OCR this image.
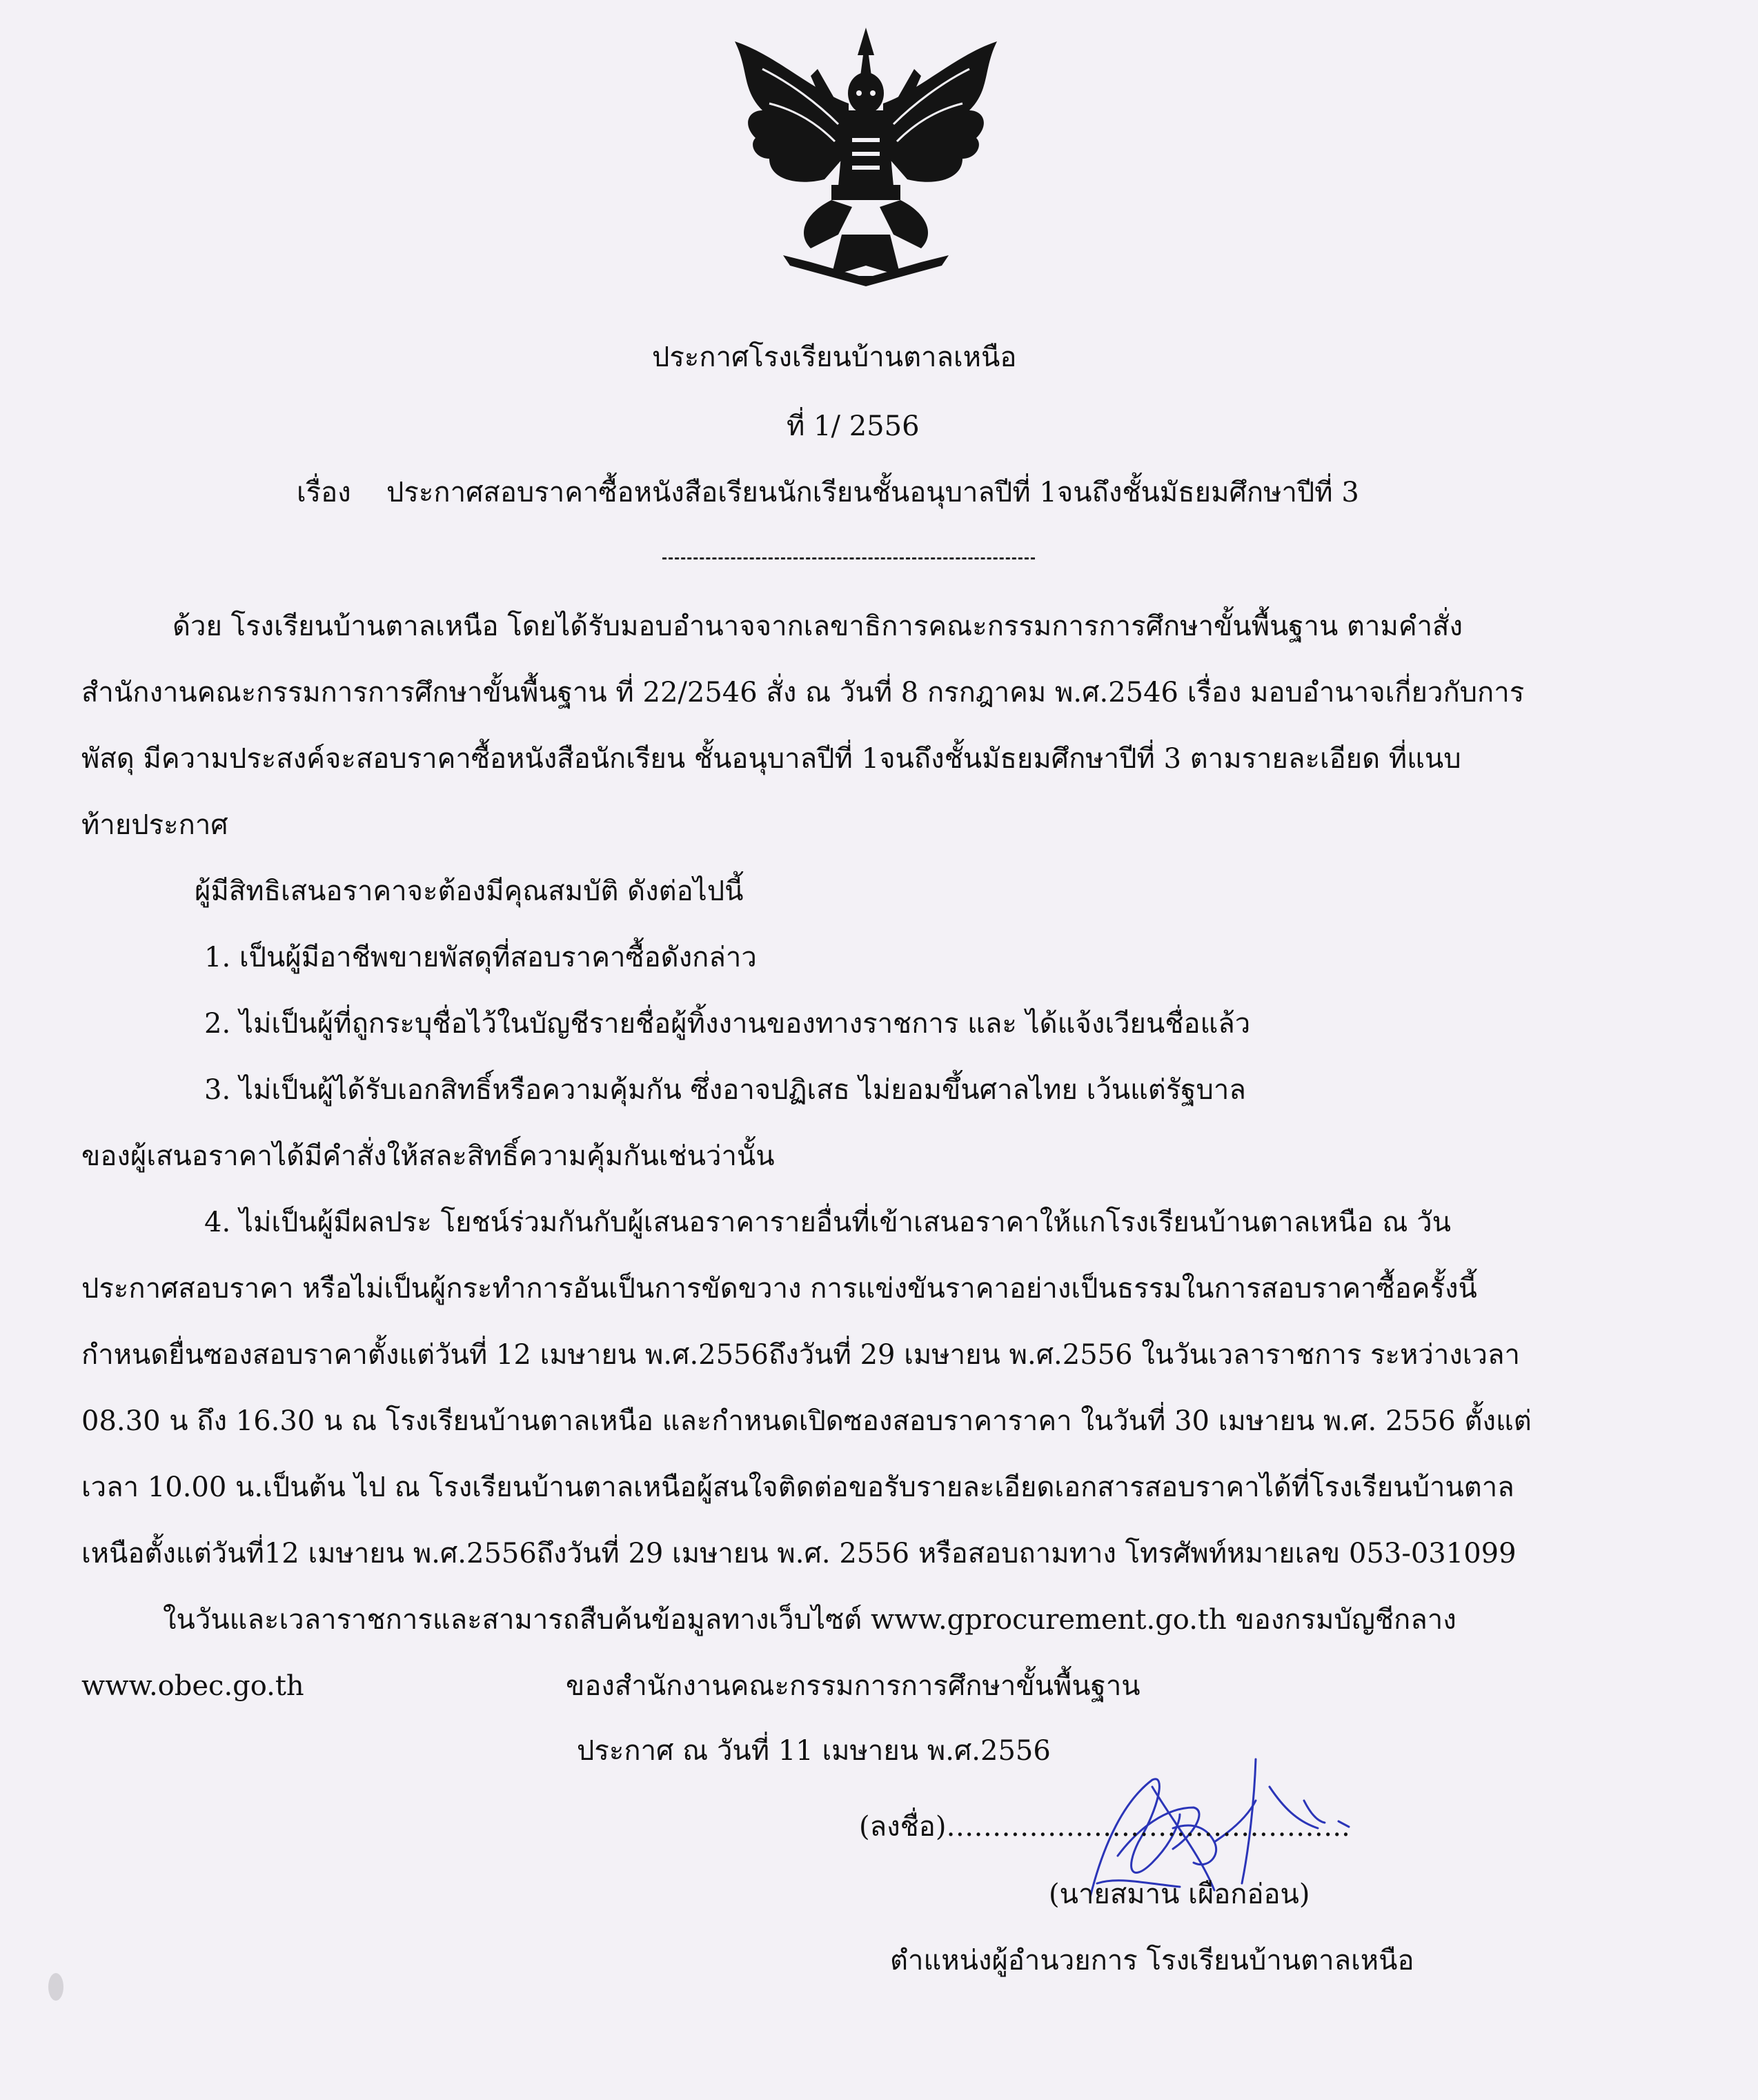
ประกาศโรงเรียนบ้านตาลเหนือ
ที่ 1/ 2556
เรื่อง ประกาศสอบราคาซื้อหนังสือเรียนนักเรียนชั้นอนุบาลปีที่ 1จนถึงชั้นมัธยมศึกษาปีที่ 3
ด้วย โรงเรียนบ้านตาลเหนือ โดยได้รับมอบอำนาจจากเลขาธิการคณะกรรมการการศึกษาขั้นพื้นฐาน ตามคำสั่ง
สำนักงานคณะกรรมการการศึกษาขั้นพื้นฐาน ที่ 22/2546 สั่ง ณ วันที่ 8 กรกฎาคม พ.ศ.2546 เรื่อง มอบอำนาจเกี่ยวกับการ
พัสดุ มีความประสงค์จะสอบราคาซื้อหนังสือนักเรียน ชั้นอนุบาลปีที่ 1จนถึงชั้นมัธยมศึกษาปีที่ 3 ตามรายละเอียด ที่แนบ
ท้ายประกาศ
ผู้มีสิทธิเสนอราคาจะต้องมีคุณสมบัติ ดังต่อไปนี้
1. เป็นผู้มีอาชีพขายพัสดุที่สอบราคาซื้อดังกล่าว
2. ไม่เป็นผู้ที่ถูกระบุชื่อไว้ในบัญชีรายชื่อผู้ทิ้งงานของทางราชการ และ ได้แจ้งเวียนชื่อแล้ว
3. ไม่เป็นผู้ได้รับเอกสิทธิ์หรือความคุ้มกัน ซึ่งอาจปฏิเสธ ไม่ยอมขึ้นศาลไทย เว้นแต่รัฐบาล
ของผู้เสนอราคาได้มีคำสั่งให้สละสิทธิ์ความคุ้มกันเช่นว่านั้น
4. ไม่เป็นผู้มีผลประ โยชน์ร่วมกันกับผู้เสนอราคารายอื่นที่เข้าเสนอราคาให้แกโรงเรียนบ้านตาลเหนือ ณ วัน
ประกาศสอบราคา หรือไม่เป็นผู้กระทำการอันเป็นการขัดขวาง การแข่งขันราคาอย่างเป็นธรรมในการสอบราคาซื้อครั้งนี้
กำหนดยื่นซองสอบราคาตั้งแต่วันที่ 12 เมษายน พ.ศ.2556ถึงวันที่ 29 เมษายน พ.ศ.2556 ในวันเวลาราชการ ระหว่างเวลา
08.30 น ถึง 16.30 น ณ โรงเรียนบ้านตาลเหนือ และกำหนดเปิดซองสอบราคาราคา ในวันที่ 30 เมษายน พ.ศ. 2556 ตั้งแต่
เวลา 10.00 น.เป็นต้น ไป ณ โรงเรียนบ้านตาลเหนือผู้สนใจติดต่อขอรับรายละเอียดเอกสารสอบราคาได้ที่โรงเรียนบ้านตาล
เหนือตั้งแต่วันที่12 เมษายน พ.ศ.2556ถึงวันที่ 29 เมษายน พ.ศ. 2556 หรือสอบถามทาง โทรศัพท์หมายเลข 053-031099
ในวันและเวลาราชการและสามารถสืบค้นข้อมูลทางเว็บไซต์ www.gprocurement.go.th ของกรมบัญชีกลาง
www.obec.go.th	ของสำนักงานคณะกรรมการการศึกษาขั้นพื้นฐาน
ประกาศ ณ วันที่ 11 เมษายน พ.ศ.2556
(ลงชื่อ)……………………………………..
(นายสมาน เผือกอ่อน)
ตำแหน่งผู้อำนวยการ โรงเรียนบ้านตาลเหนือ
